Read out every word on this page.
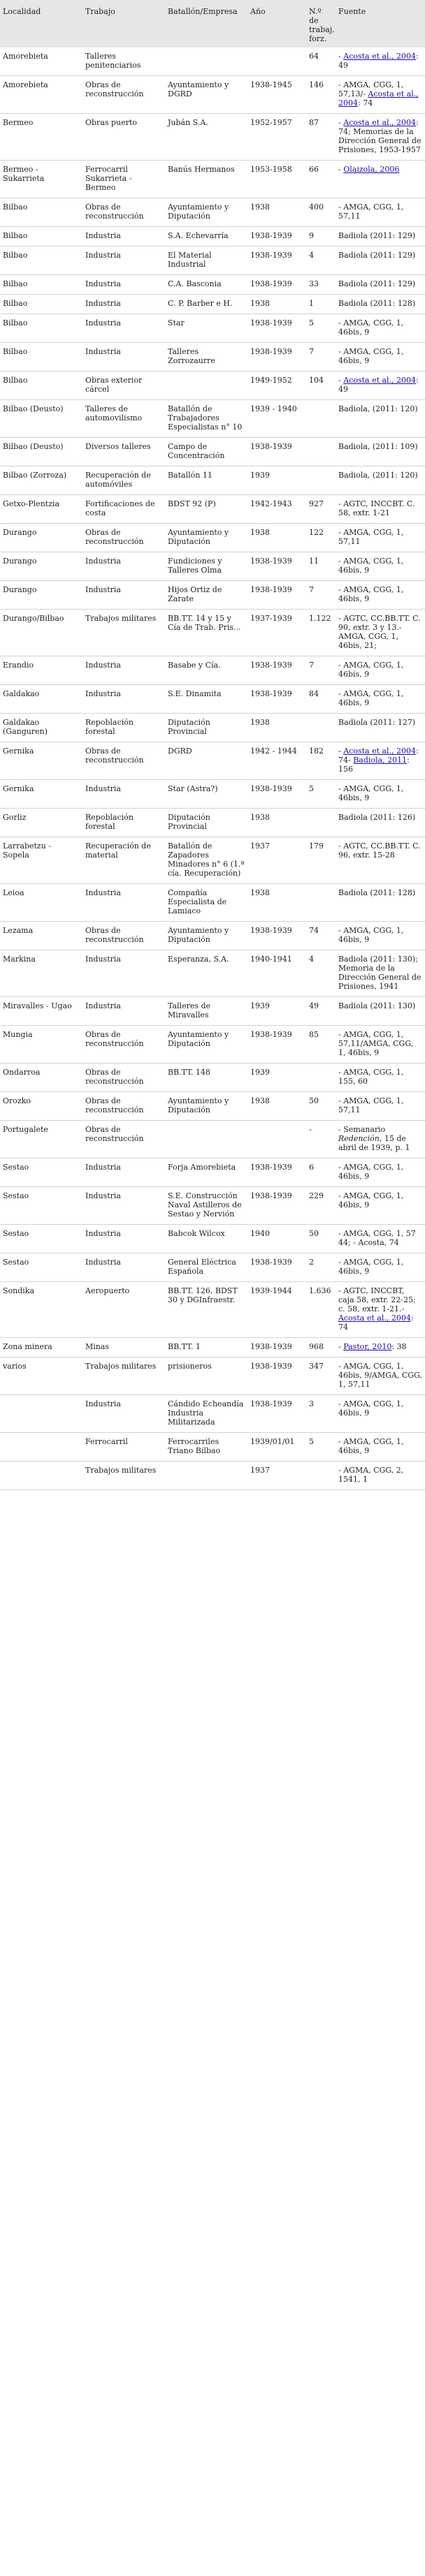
Localidad	Trabajo	Batallón/Empresa	Año	N.º de trabaj. forz.	Fuente
Amorebieta	Talleres penitenciarios			64	- Acosta et al., 2004: 49
Amorebieta	Obras de reconstrucción	Ayuntamiento y DGRD	1938-1945	146	- AMGA, CGG, 1, 57,13/- Acosta et al., 2004: 74
Bermeo	Obras puerto	Jubán S.A.	1952-1957	87	- Acosta et al., 2004: 74; Memorias de la Dirección General de Prisiones, 1953-1957
Bermeo - Sukarrieta	Ferrocarril Sukarrieta - Bermeo	Banús Hermanos	1953-1958	66	- Olaizola, 2006
Bilbao	Obras de reconstrucción	Ayuntamiento y Diputación	1938	400	- AMGA, CGG, 1, 57,11
Bilbao	Industria	S.A. Echevarría	1938-1939	9	Badiola (2011: 129)
Bilbao	Industria	El Material Industrial	1938-1939	4	Badiola (2011: 129)
Bilbao	Industria	C.A. Basconia	1938-1939	33	Badiola (2011: 129)
Bilbao	Industria	C. P. Barber e H.	1938	1	Badiola (2011: 128)
Bilbao	Industria	Star	1938-1939	5	- AMGA, CGG, 1, 46bis, 9
Bilbao	Industria	Talleres Zorrozaurre	1938-1939	7	- AMGA, CGG, 1, 46bis, 9
Bilbao	Obras exterior cárcel		1949-1952	104	- Acosta et al., 2004: 49
Bilbao (Deusto)	Talleres de automovilismo	Batallón de Trabajadores Especialistas n° 10	1939 - 1940		Badiola, (2011: 120)
Bilbao (Deusto)	Diversos talleres	Campo de Concentración	1938-1939		Badiola, (2011: 109)
Bilbao (Zorroza)	Recuperación de automóviles	Batallón 11	1939		Badiola, (2011: 120)
Getxo-Plentzia	Fortificaciones de costa	BDST 92 (P)	1942-1943	927	- AGTC, INCCBT. C. 58, extr. 1-21
Durango	Obras de reconstrucción	Ayuntamiento y Diputación	1938	122	- AMGA, CGG, 1, 57,11
Durango	Industria	Fundiciones y Talleres Olma	1938-1939	11	- AMGA, CGG, 1, 46bis, 9
Durango	Industria	Hijos Ortiz de Zarate	1938-1939	7	- AMGA, CGG, 1, 46bis, 9
Durango/Bilbao	Trabajos militares	BB.TT. 14 y 15 y Cía de Trab. Pris...	1937-1939	1.122	- AGTC, CC.BB.TT. C. 90, extr. 3 y 13.- AMGA, CGG, 1, 46bis, 21;
Erandio	Industria	Basabe y Cía.	1938-1939	7	- AMGA, CGG, 1, 46bis, 9
Galdakao	Industria	S.E. Dinamita	1938-1939	84	- AMGA, CGG, 1, 46bis, 9
Galdakao (Ganguren)	Repoblación forestal	Diputación Provincial	1938		Badiola (2011: 127)
Gernika	Obras de reconstrucción	DGRD	1942 - 1944	182	- Acosta et al., 2004: 74- Badiola, 2011: 156
Gernika	Industria	Star (Astra?)	1938-1939	5	- AMGA, CGG, 1, 46bis, 9
Gorliz	Repoblación forestal	Diputación Provincial	1938		Badiola (2011: 126)
Larrabetzu - Sopela	Recuperación de material	Batallón de Zapadores Minadores n° 6 (1.ª cía. Recuperación)	1937	179	- AGTC, CC.BB.TT. C. 96, extr. 15-28
Leioa	Industria	Compañía Especialista de Lamiaco	1938		Badiola (2011: 128)
Lezama	Obras de reconstrucción	Ayuntamiento y Diputación	1938-1939	74	- AMGA, CGG, 1, 46bis, 9
Markina	Industria	Esperanza, S.A.	1940-1941	4	Badiola (2011: 130); Memoria de la Dirección General de Prisiones, 1941
Miravalles - Ugao	Industria	Talleres de Miravalles	1939	49	Badiola (2011: 130)
Mungia	Obras de reconstrucción	Ayuntamiento y Diputación	1938-1939	85	- AMGA, CGG, 1, 57,11/AMGA, CGG, 1, 46bis, 9
Ondarroa	Obras de reconstrucción	BB.TT. 148	1939		- AMGA, CGG, 1, 155, 60
Orozko	Obras de reconstrucción	Ayuntamiento y Diputación	1938	50	- AMGA, CGG, 1, 57,11
Portugalete	Obras de reconstrucción			-	- Semanario Redención, 15 de abril de 1939, p. 1
Sestao	Industria	Forja Amorebieta	1938-1939	6	- AMGA, CGG, 1, 46bis, 9
Sestao	Industria	S.E. Construcción Naval Astilleros de Sestao y Nervión	1938-1939	229	- AMGA, CGG, 1, 46bis, 9
Sestao	Industria	Babcok Wilcox	1940	50	- AMGA, CGG, 1, 57 44; - Acosta, 74
Sestao	Industria	General Eléctrica Española	1938-1939	2	- AMGA, CGG, 1, 46bis, 9
Sondika	Aeropuerto	BB.TT. 126, BDST 30 y DGInfraestr.	1939-1944	1.636	- AGTC, INCCBT, caja 58, extr. 22-25; c. 58, extr. 1-21.- Acosta et al., 2004: 74
Zona minera	Minas	BB.TT. 1	1938-1939	968	- Pastor, 2010: 38
varios	Trabajos militares	prisioneros	1938-1939	347	- AMGA, CGG, 1, 46bis, 9/AMGA, CGG, 1, 57,11
	Industria	Cándido Echeandía Industria Militarizada	1938-1939	3	- AMGA, CGG, 1, 46bis, 9
	Ferrocarril	Ferrocarriles Triano Bilbao	1939/01/01	5	- AMGA, CGG, 1, 46bis, 9
	Trabajos militares		1937		- AGMA, CGG, 2, 1541, 1
